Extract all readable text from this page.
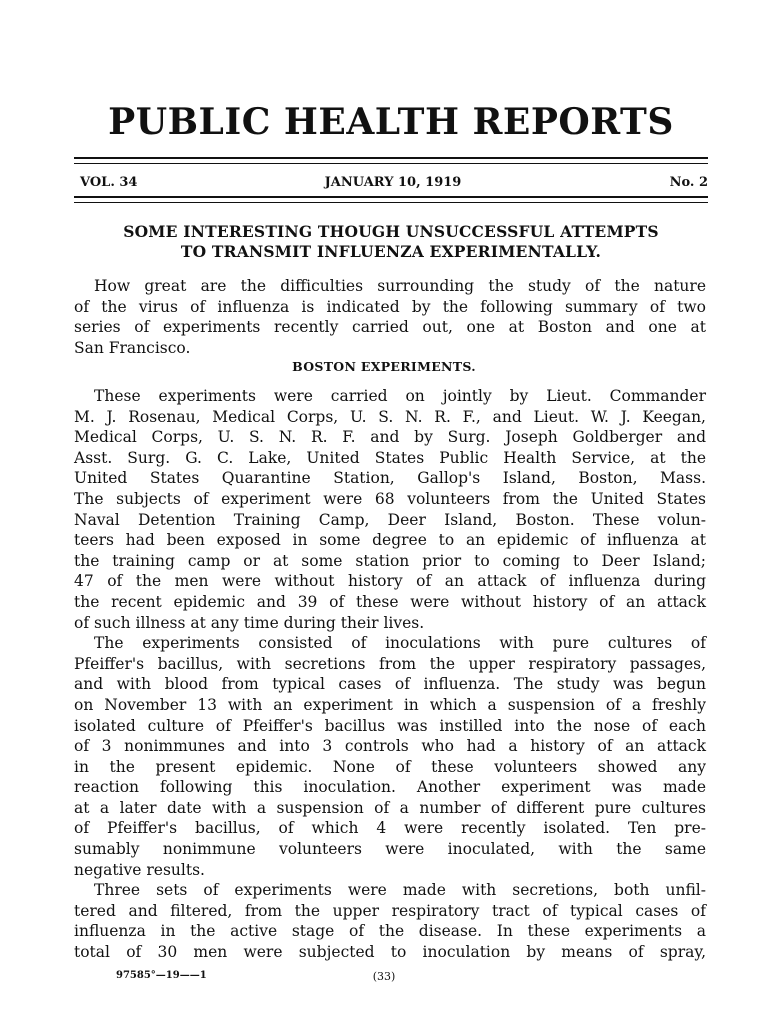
PUBLIC HEALTH REPORTS
JANUARY 10, 1919
VOL. 34	No. 2
SOME INTERESTING THOUGH UNSUCCESSFUL ATTEMPTS
TO TRANSMIT INFLUENZA EXPERIMENTALLY.
How great are the difficulties surrounding the study of the nature
of the virus of influenza is indicated by the following summary of two
series of experiments recently carried out, one at Boston and one at
San Francisco.
BOSTON EXPERIMENTS.
These experiments were carried on jointly by Lieut. Commander
M. J. Rosenau, Medical Corps, U. S. N. R. F., and Lieut. W. J. Keegan,
Medical Corps, U. S. N. R. F. and by Surg. Joseph Goldberger and
Asst. Surg. G. C. Lake, United States Public Health Service, at the
United States Quarantine Station, Gallop's Island, Boston, Mass.
The subjects of experiment were 68 volunteers from the United States
Naval Detention Training Camp, Deer Island, Boston. These volun-
teers had been exposed in some degree to an epidemic of influenza at
the training camp or at some station prior to coming to Deer Island;
47 of the men were without history of an attack of influenza during
the recent epidemic and 39 of these were without history of an attack
of such illness at any time during their lives.
The experiments consisted of inoculations with pure cultures of
Pfeiffer's bacillus, with secretions from the upper respiratory passages,
and with blood from typical cases of influenza. The study was begun
on November 13 with an experiment in which a suspension of a freshly
isolated culture of Pfeiffer's bacillus was instilled into the nose of each
of 3 nonimmunes and into 3 controls who had a history of an attack
in the present epidemic. None of these volunteers showed any
reaction following this inoculation. Another experiment was made
at a later date with a suspension of a number of different pure cultures
of Pfeiffer's bacillus, of which 4 were recently isolated. Ten pre-
sumably nonimmune volunteers were inoculated, with the same
negative results.
Three sets of experiments were made with secretions, both unfil-
tered and filtered, from the upper respiratory tract of typical cases of
influenza in the active stage of the disease. In these experiments a
total of 30 men were subjected to inoculation by means of spray,
97585°—19——1	(33)
